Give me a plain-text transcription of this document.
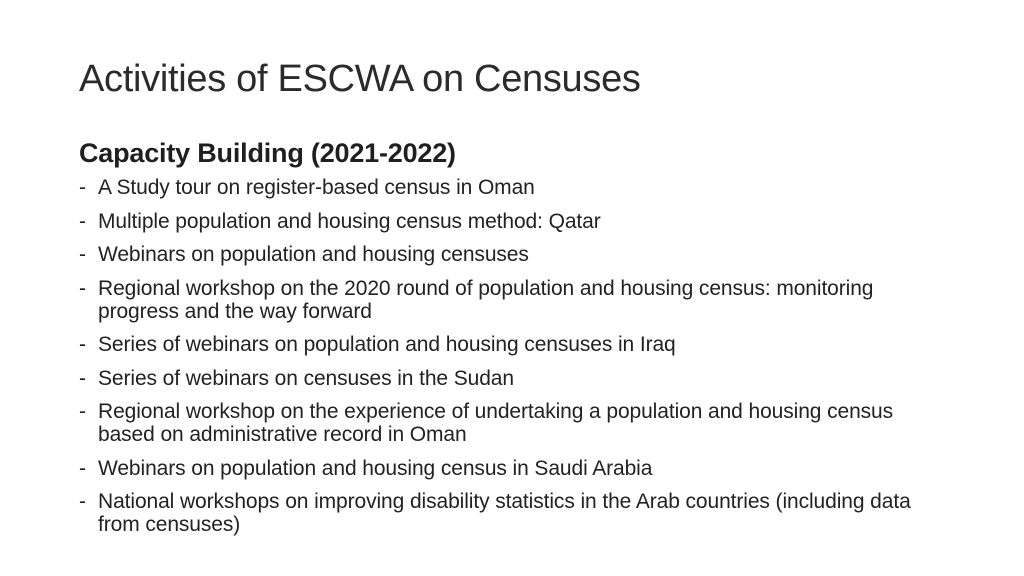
Activities of ESCWA on Censuses
Capacity Building (2021-2022)
- A Study tour on register-based census in Oman
- Multiple population and housing census method: Qatar
- Webinars on population and housing censuses
- Regional workshop on the 2020 round of population and housing census: monitoring progress and the way forward
- Series of webinars on population and housing censuses in Iraq
- Series of webinars on censuses in the Sudan
- Regional workshop on the experience of undertaking a population and housing census based on administrative record in Oman
- Webinars on population and housing census in Saudi Arabia
- National workshops on improving disability statistics in the Arab countries (including data from censuses)
